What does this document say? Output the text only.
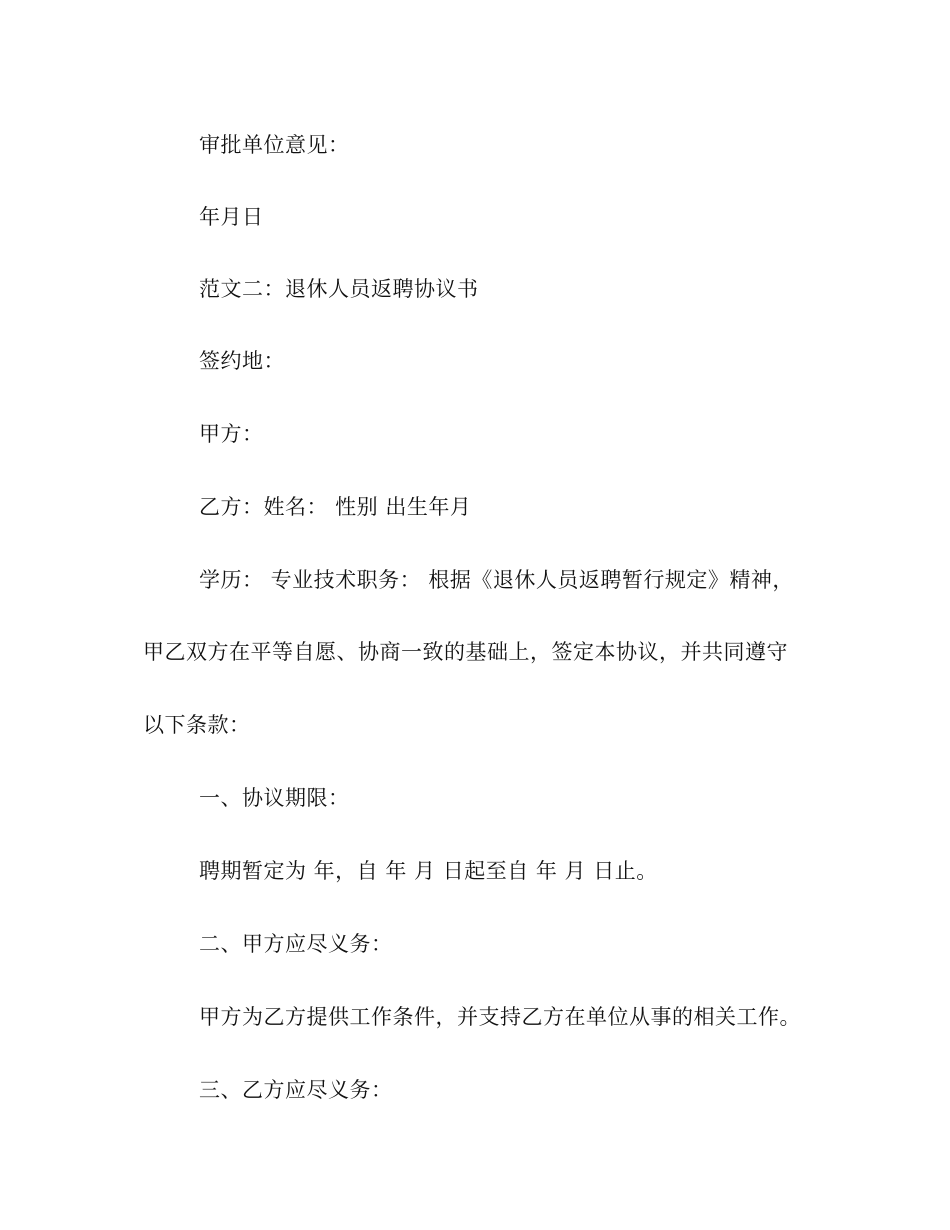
审批单位意见：
年月日
范文二：退休人员返聘协议书
签约地：
甲方：
乙方：姓名： 性别 出生年月
学历： 专业技术职务： 根据《退休人员返聘暂行规定》精神，
甲乙双方在平等自愿、协商一致的基础上，签定本协议，并共同遵守
以下条款：
一、协议期限：
聘期暂定为 年，自 年 月 日起至自 年 月 日止。
二、甲方应尽义务：
甲方为乙方提供工作条件，并支持乙方在单位从事的相关工作。
三、乙方应尽义务：
